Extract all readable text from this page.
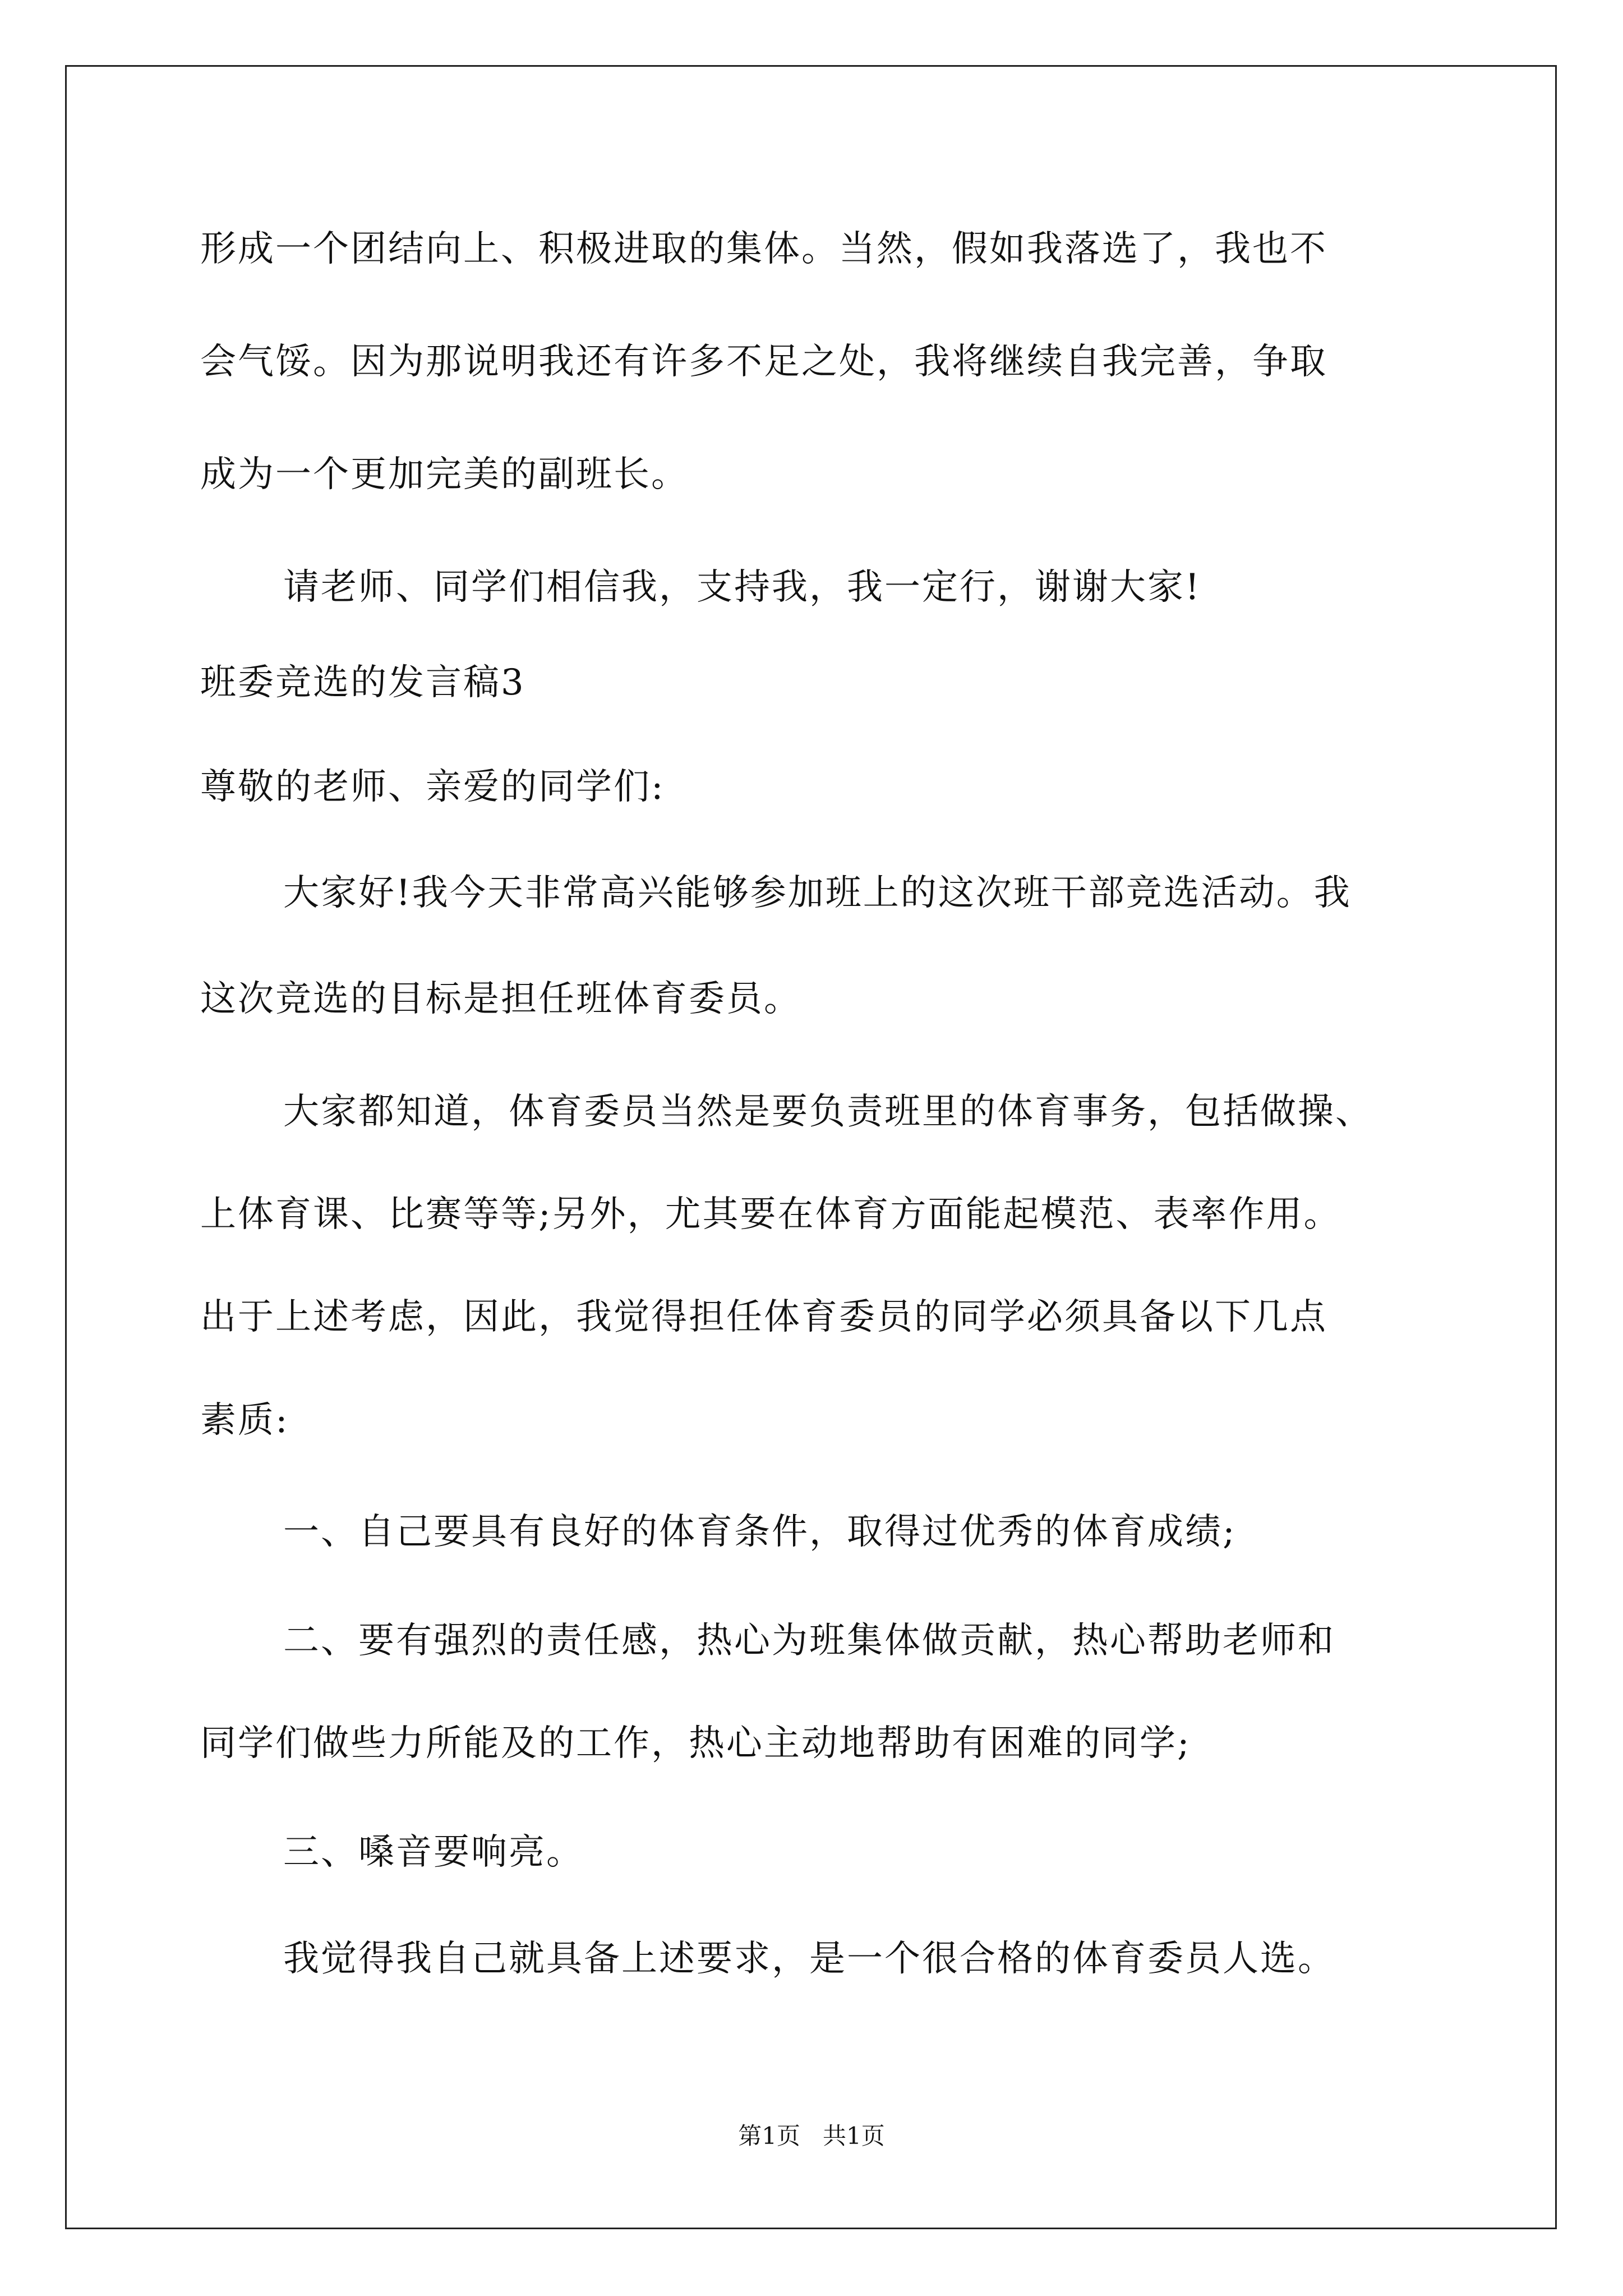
形成一个团结向上、积极进取的集体。当然，假如我落选了，我也不
会气馁。因为那说明我还有许多不足之处，我将继续自我完善，争取
成为一个更加完美的副班长。
请老师、同学们相信我，支持我，我一定行，谢谢大家!
班委竞选的发言稿3
尊敬的老师、亲爱的同学们:
大家好!我今天非常高兴能够参加班上的这次班干部竞选活动。我
这次竞选的目标是担任班体育委员。
大家都知道，体育委员当然是要负责班里的体育事务，包括做操、
上体育课、比赛等等;另外，尤其要在体育方面能起模范、表率作用。
出于上述考虑，因此，我觉得担任体育委员的同学必须具备以下几点
素质:
一、自己要具有良好的体育条件，取得过优秀的体育成绩;
二、要有强烈的责任感，热心为班集体做贡献，热心帮助老师和
同学们做些力所能及的工作，热心主动地帮助有困难的同学;
三、嗓音要响亮。
我觉得我自己就具备上述要求，是一个很合格的体育委员人选。
第1页   共1页
